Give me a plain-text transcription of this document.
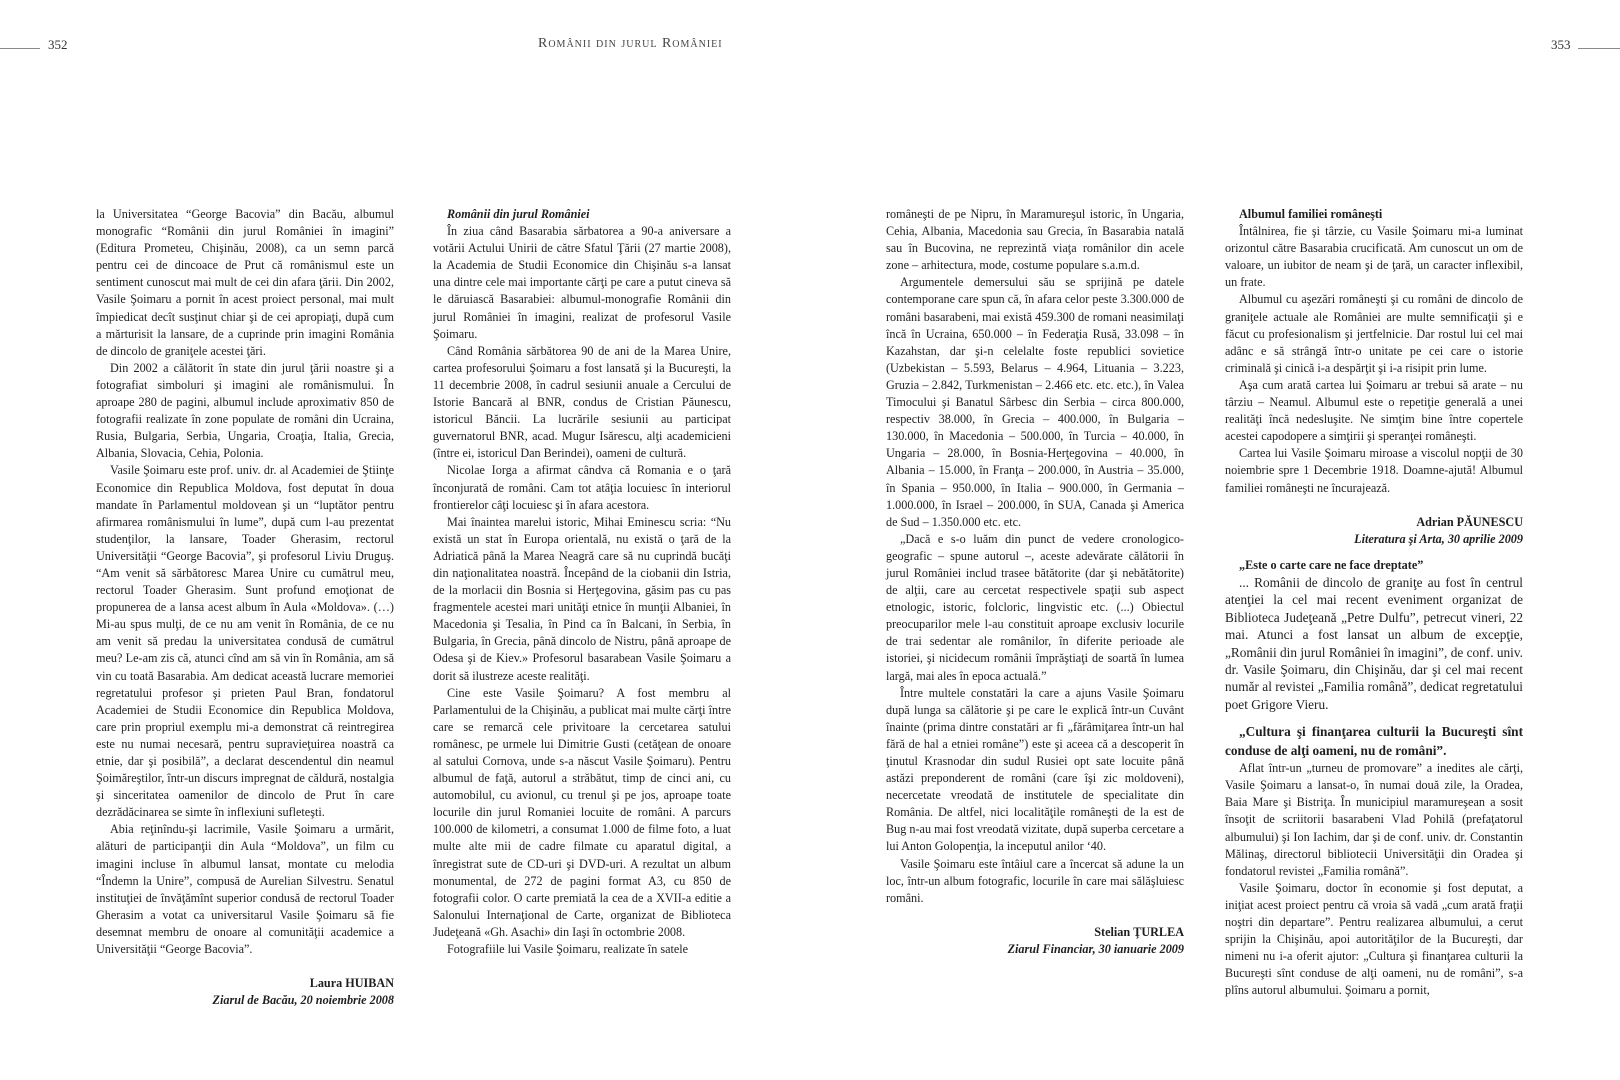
352	Românii din jurul României	353

la Universitatea “George Bacovia” din Bacău, albumul monografic “Românii din jurul României în imagini” (Editura Prometeu, Chişinău, 2008), ca un semn parcă pentru cei de dincoace de Prut că românismul este un sentiment cunoscut mai mult de cei din afara ţării. Din 2002, Vasile Şoimaru a pornit în acest proiect personal, mai mult împiedicat decît susţinut chiar şi de cei apropiaţi, după cum a mărturisit la lansare, de a cuprinde prin imagini România de dincolo de graniţele acestei ţări.

Din 2002 a călătorit în state din jurul ţării noastre şi a fotografiat simboluri şi imagini ale românismului. În aproape 280 de pagini, albumul include aproximativ 850 de fotografii realizate în zone populate de români din Ucraina, Rusia, Bulgaria, Serbia, Ungaria, Croaţia, Italia, Grecia, Albania, Slovacia, Cehia, Polonia.

Vasile Şoimaru este prof. univ. dr. al Academiei de Ştiinţe Economice din Republica Moldova, fost deputat în doua mandate în Parlamentul moldovean şi un “luptător pentru afirmarea românismului în lume”, după cum l-au prezentat studenţilor, la lansare, Toader Gherasim, rectorul Universităţii “George Bacovia”, şi profesorul Liviu Druguş. “Am venit să sărbătoresc Marea Unire cu cumătrul meu, rectorul Toader Gherasim. Sunt profund emoţionat de propunerea de a lansa acest album în Aula «Moldova». (…) Mi-au spus mulţi, de ce nu am venit în România, de ce nu am venit să predau la universitatea condusă de cumătrul meu? Le-am zis că, atunci cînd am să vin în România, am să vin cu toată Basarabia. Am dedicat această lucrare memoriei regretatului profesor şi prieten Paul Bran, fondatorul Academiei de Studii Economice din Republica Moldova, care prin propriul exemplu mi-a demonstrat că reintregirea este nu numai necesară, pentru supravieţuirea noastră ca etnie, dar şi posibilă”, a declarat descendentul din neamul Şoimăreştilor, într-un discurs impregnat de căldură, nostalgia şi sinceritatea oamenilor de dincolo de Prut în care dezrădăcinarea se simte în inflexiuni sufleteşti.

Abia reţinîndu-şi lacrimile, Vasile Şoimaru a urmărit, alături de participanţii din Aula “Moldova”, un film cu imagini incluse în albumul lansat, montate cu melodia “Îndemn la Unire”, compusă de Aurelian Silvestru. Senatul instituţiei de învăţămînt superior condusă de rectorul Toader Gherasim a votat ca universitarul Vasile Şoimaru să fie desemnat membru de onoare al comunităţii academice a Universităţii “George Bacovia”.

Laura HUIBAN

Ziarul de Bacău, 20 noiembrie 2008

Românii din jurul României

În ziua când Basarabia sărbatorea a 90-a aniversare a votării Actului Unirii de către Sfatul Ţării (27 martie 2008), la Academia de Studii Economice din Chişinău s-a lansat una dintre cele mai importante cărţi pe care a putut cineva să le dăruiască Basarabiei: albumul-monografie Românii din jurul României în imagini, realizat de profesorul Vasile Şoimaru.

Când România sărbătorea 90 de ani de la Marea Unire, cartea profesorului Şoimaru a fost lansată şi la Bucureşti, la 11 decembrie 2008, în cadrul sesiunii anuale a Cercului de Istorie Bancară al BNR, condus de Cristian Păunescu, istoricul Băncii. La lucrările sesiunii au participat guvernatorul BNR, acad. Mugur Isărescu, alţi academicieni (între ei, istoricul Dan Berindei), oameni de cultură.

Nicolae Iorga a afirmat cândva că Romania e o ţară înconjurată de români. Cam tot atâţia locuiesc în interiorul frontierelor câţi locuiesc şi în afara acestora.

Mai înaintea marelui istoric, Mihai Eminescu scria: “Nu există un stat în Europa orientală, nu există o ţară de la Adriatică până la Marea Neagră care să nu cuprindă bucăţi din naţionalitatea noastră. Începând de la ciobanii din Istria, de la morlacii din Bosnia si Herţegovina, găsim pas cu pas fragmentele acestei mari unităţi etnice în munţii Albaniei, în Macedonia şi Tesalia, în Pind ca în Balcani, în Serbia, în Bulgaria, în Grecia, până dincolo de Nistru, până aproape de Odesa şi de Kiev.» Profesorul basarabean Vasile Şoimaru a dorit să ilustreze aceste realităţi.

Cine este Vasile Şoimaru? A fost membru al Parlamentului de la Chişinău, a publicat mai multe cărţi între care se remarcă cele privitoare la cercetarea satului românesc, pe urmele lui Dimitrie Gusti (cetăţean de onoare al satului Cornova, unde s-a născut Vasile Şoimaru). Pentru albumul de faţă, autorul a străbătut, timp de cinci ani, cu automobilul, cu avionul, cu trenul şi pe jos, aproape toate locurile din jurul Romaniei locuite de români. A parcurs 100.000 de kilometri, a consumat 1.000 de filme foto, a luat multe alte mii de cadre filmate cu aparatul digital, a înregistrat sute de CD-uri şi DVD-uri. A rezultat un album monumental, de 272 de pagini format A3, cu 850 de fotografii color. O carte premiată la cea de a XVII-a editie a Salonului Internaţional de Carte, organizat de Biblioteca Judeţeană «Gh. Asachi» din Iaşi în octombrie 2008.

Fotografiile lui Vasile Şoimaru, realizate în satele

româneşti de pe Nipru, în Maramureşul istoric, în Ungaria, Cehia, Albania, Macedonia sau Grecia, în Basarabia natală sau în Bucovina, ne reprezintă viaţa românilor din acele zone – arhitectura, mode, costume populare s.a.m.d.

Argumentele demersului său se sprijină pe datele contemporane care spun că, în afara celor peste 3.300.000 de români basarabeni, mai există 459.300 de romani neasimilaţi încă în Ucraina, 650.000 – în Federaţia Rusă, 33.098 – în Kazahstan, dar şi-n celelalte foste republici sovietice (Uzbekistan – 5.593, Belarus – 4.964, Lituania – 3.223, Gruzia – 2.842, Turkmenistan – 2.466 etc. etc. etc.), în Valea Timocului şi Banatul Sârbesc din Serbia – circa 800.000, respectiv 38.000, în Grecia – 400.000, în Bulgaria – 130.000, în Macedonia – 500.000, în Turcia – 40.000, în Ungaria – 28.000, în Bosnia-Herţegovina – 40.000, în Albania – 15.000, în Franţa – 200.000, în Austria – 35.000, în Spania – 950.000, în Italia – 900.000, în Germania – 1.000.000, în Israel – 200.000, în SUA, Canada şi America de Sud – 1.350.000 etc. etc.

„Dacă e s-o luăm din punct de vedere cronologico-geografic – spune autorul –, aceste adevărate călătorii în jurul României includ trasee bătătorite (dar şi nebătătorite) de alţii, care au cercetat respectivele spaţii sub aspect etnologic, istoric, folcloric, lingvistic etc. (...) Obiectul preocuparilor mele l-au constituit aproape exclusiv locurile de trai sedentar ale românilor, în diferite perioade ale istoriei, şi nicidecum românii împrăştiaţi de soartă în lumea largă, mai ales în epoca actuală.”

Între multele constatări la care a ajuns Vasile Şoimaru după lunga sa călătorie şi pe care le explică într-un Cuvânt înainte (prima dintre constatări ar fi „fărâmiţarea într-un hal fără de hal a etniei române”) este şi aceea că a descoperit în ţinutul Krasnodar din sudul Rusiei opt sate locuite până astăzi preponderent de români (care îşi zic moldoveni), necercetate vreodată de institutele de specialitate din România. De altfel, nici localităţile româneşti de la est de Bug n-au mai fost vreodată vizitate, după superba cercetare a lui Anton Golopenţia, la inceputul anilor ‘40.

Vasile Şoimaru este întâiul care a încercat să adune la un loc, într-un album fotografic, locurile în care mai sălăşluiesc români.

Stelian ŢURLEA

Ziarul Financiar, 30 ianuarie 2009

Albumul familiei româneşti

Întâlnirea, fie şi târzie, cu Vasile Şoimaru mi-a luminat orizontul către Basarabia crucificată. Am cunoscut un om de valoare, un iubitor de neam şi de ţară, un caracter inflexibil, un frate.

Albumul cu aşezări româneşti şi cu români de dincolo de graniţele actuale ale României are multe semnificaţii şi e făcut cu profesionalism şi jertfelnicie. Dar rostul lui cel mai adânc e să strângă într-o unitate pe cei care o istorie criminală şi cinică i-a despărţit şi i-a risipit prin lume.

Aşa cum arată cartea lui Şoimaru ar trebui să arate – nu târziu – Neamul. Albumul este o repetiţie generală a unei realităţi încă nedesluşite. Ne simţim bine între copertele acestei capodopere a simţirii şi speranţei româneşti.

Cartea lui Vasile Şoimaru miroase a viscolul nopţii de 30 noiembrie spre 1 Decembrie 1918. Doamne-ajută! Albumul familiei româneşti ne încurajează.

Adrian PĂUNESCU

Literatura şi Arta, 30 aprilie 2009

„Este o carte care ne face dreptate”

... Românii de dincolo de graniţe au fost în centrul atenţiei la cel mai recent eveniment organizat de Biblioteca Judeţeană „Petre Dulfu”, petrecut vineri, 22 mai. Atunci a fost lansat un album de excepţie, „Românii din jurul României în imagini”, de conf. univ. dr. Vasile Şoimaru, din Chişinău, dar şi cel mai recent număr al revistei „Familia română”, dedicat regretatului poet Grigore Vieru.

„Cultura şi finanţarea culturii la Bucureşti sînt conduse de alţi oameni, nu de români”.

Aflat într-un „turneu de promovare” a inedites ale cărţi, Vasile Şoimaru a lansat-o, în numai două zile, la Oradea, Baia Mare şi Bistriţa. În municipiul maramureşean a sosit însoţit de scriitorii basarabeni Vlad Pohilă (prefaţatorul albumului) şi Ion Iachim, dar şi de conf. univ. dr. Constantin Mălinaş, directorul bibliotecii Universităţii din Oradea şi fondatorul revistei „Familia română”.

Vasile Şoimaru, doctor în economie şi fost deputat, a iniţiat acest proiect pentru că vroia să vadă „cum arată fraţii noştri din departare”. Pentru realizarea albumului, a cerut sprijin la Chişinău, apoi autorităţilor de la Bucureşti, dar nimeni nu i-a oferit ajutor: „Cultura şi finanţarea culturii la Bucureşti sînt conduse de alţi oameni, nu de români”, s-a plîns autorul albumului. Şoimaru a pornit,
